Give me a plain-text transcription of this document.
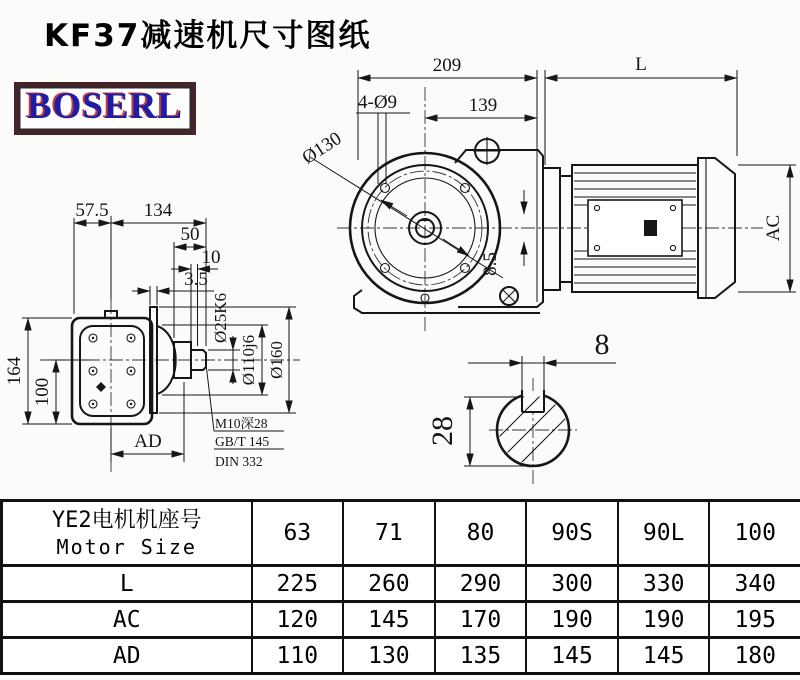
209	L
139
4-Ø9
Ø130
8.5
AC
57.5 134
50
10
3.5
164
100
AD
Ø25K6
Ø110j6 Ø160
M10深28
GB/T 145
DIN 332
8
28
KF37减速机尺寸图纸
BOSERL
YE2电机机座号
Motor Size	63	71	80	90S	90L	100
L	225	260	290	300	330	340
AC	120	145	170	190	190	195
AD	110	130	135	145	145	180
